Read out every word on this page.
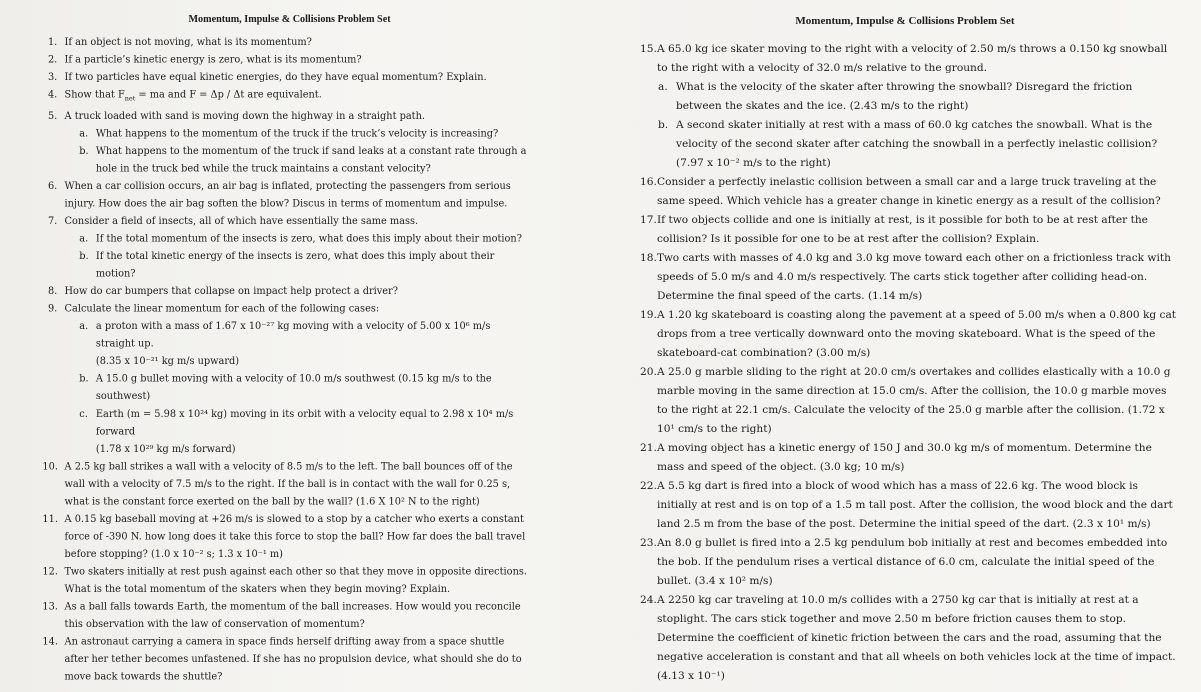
Momentum, Impulse & Collisions Problem Set
1. If an object is not moving, what is its momentum?
2. If a particle’s kinetic energy is zero, what is its momentum?
3. If two particles have equal kinetic energies, do they have equal momentum? Explain.
4. Show that $F_{net}$ = ma and F = Δp / Δt are equivalent.
5. A truck loaded with sand is moving down the highway in a straight path.
a. What happens to the momentum of the truck if the truck’s velocity is increasing?
b. What happens to the momentum of the truck if sand leaks at a constant rate through a hole in the truck bed while the truck maintains a constant velocity?
6. When a car collision occurs, an air bag is inflated, protecting the passengers from serious injury. How does the air bag soften the blow? Discus in terms of momentum and impulse.
7. Consider a field of insects, all of which have essentially the same mass.
a. If the total momentum of the insects is zero, what does this imply about their motion?
b. If the total kinetic energy of the insects is zero, what does this imply about their motion?
8. How do car bumpers that collapse on impact help protect a driver?
9. Calculate the linear momentum for each of the following cases:
a. a proton with a mass of 1.67 x 10⁻²⁷ kg moving with a velocity of 5.00 x 10⁶ m/s straight up.
(8.35 x 10⁻²¹ kg m/s upward)
b. A 15.0 g bullet moving with a velocity of 10.0 m/s southwest (0.15 kg m/s to the southwest)
c. Earth (m = 5.98 x 10²⁴ kg) moving in its orbit with a velocity equal to 2.98 x 10⁴ m/s forward
(1.78 x 10²⁹ kg m/s forward)
10. A 2.5 kg ball strikes a wall with a velocity of 8.5 m/s to the left. The ball bounces off of the wall with a velocity of 7.5 m/s to the right. If the ball is in contact with the wall for 0.25 s, what is the constant force exerted on the ball by the wall? (1.6 X 10² N to the right)
11. A 0.15 kg baseball moving at +26 m/s is slowed to a stop by a catcher who exerts a constant force of -390 N. how long does it take this force to stop the ball? How far does the ball travel before stopping? (1.0 x 10⁻² s; 1.3 x 10⁻¹ m)
12. Two skaters initially at rest push against each other so that they move in opposite directions. What is the total momentum of the skaters when they begin moving? Explain.
13. As a ball falls towards Earth, the momentum of the ball increases. How would you reconcile this observation with the law of conservation of momentum?
14. An astronaut carrying a camera in space finds herself drifting away from a space shuttle after her tether becomes unfastened. If she has no propulsion device, what should she do to move back towards the shuttle?
Momentum, Impulse & Collisions Problem Set
15. A 65.0 kg ice skater moving to the right with a velocity of 2.50 m/s throws a 0.150 kg snowball to the right with a velocity of 32.0 m/s relative to the ground.
a. What is the velocity of the skater after throwing the snowball? Disregard the friction between the skates and the ice. (2.43 m/s to the right)
b. A second skater initially at rest with a mass of 60.0 kg catches the snowball. What is the velocity of the second skater after catching the snowball in a perfectly inelastic collision? (7.97 x 10⁻² m/s to the right)
16. Consider a perfectly inelastic collision between a small car and a large truck traveling at the same speed. Which vehicle has a greater change in kinetic energy as a result of the collision?
17. If two objects collide and one is initially at rest, is it possible for both to be at rest after the collision? Is it possible for one to be at rest after the collision? Explain.
18. Two carts with masses of 4.0 kg and 3.0 kg move toward each other on a frictionless track with speeds of 5.0 m/s and 4.0 m/s respectively. The carts stick together after colliding head-on. Determine the final speed of the carts. (1.14 m/s)
19. A 1.20 kg skateboard is coasting along the pavement at a speed of 5.00 m/s when a 0.800 kg cat drops from a tree vertically downward onto the moving skateboard. What is the speed of the skateboard-cat combination? (3.00 m/s)
20. A 25.0 g marble sliding to the right at 20.0 cm/s overtakes and collides elastically with a 10.0 g marble moving in the same direction at 15.0 cm/s. After the collision, the 10.0 g marble moves to the right at 22.1 cm/s. Calculate the velocity of the 25.0 g marble after the collision. (1.72 x 10¹ cm/s to the right)
21. A moving object has a kinetic energy of 150 J and 30.0 kg m/s of momentum. Determine the mass and speed of the object. (3.0 kg; 10 m/s)
22. A 5.5 kg dart is fired into a block of wood which has a mass of 22.6 kg. The wood block is initially at rest and is on top of a 1.5 m tall post. After the collision, the wood block and the dart land 2.5 m from the base of the post. Determine the initial speed of the dart. (2.3 x 10¹ m/s)
23. An 8.0 g bullet is fired into a 2.5 kg pendulum bob initially at rest and becomes embedded into the bob. If the pendulum rises a vertical distance of 6.0 cm, calculate the initial speed of the bullet. (3.4 x 10² m/s)
24. A 2250 kg car traveling at 10.0 m/s collides with a 2750 kg car that is initially at rest at a stoplight. The cars stick together and move 2.50 m before friction causes them to stop. Determine the coefficient of kinetic friction between the cars and the road, assuming that the negative acceleration is constant and that all wheels on both vehicles lock at the time of impact. (4.13 x 10⁻¹)
